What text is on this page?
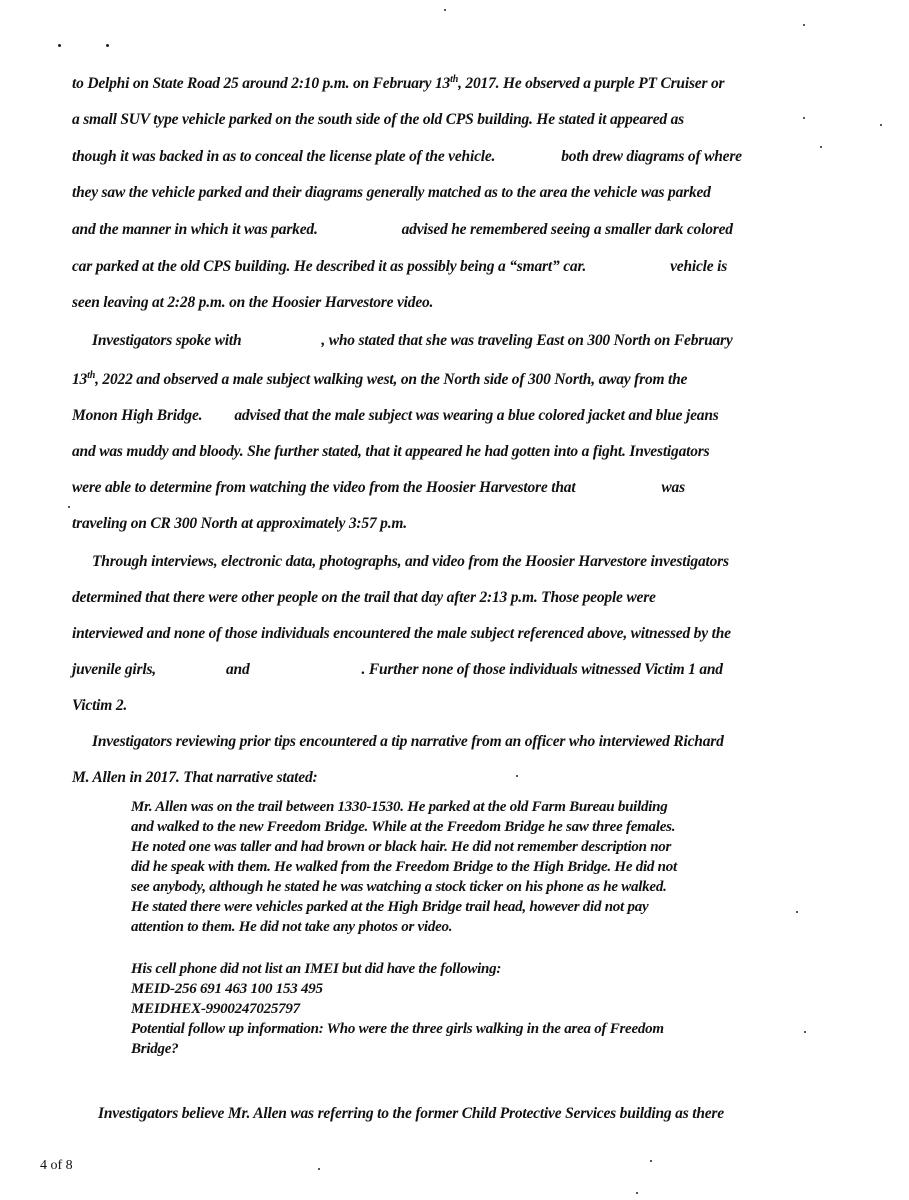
to Delphi on State Road 25 around 2:10 p.m. on February 13th, 2017. He observed a purple PT Cruiser or
a small SUV type vehicle parked on the south side of the old CPS building. He stated it appeared as
though it was backed in as to conceal the license plate of the vehicle.	both drew diagrams of where
they saw the vehicle parked and their diagrams generally matched as to the area the vehicle was parked
and the manner in which it was parked.	advised he remembered seeing a smaller dark colored
car parked at the old CPS building. He described it as possibly being a “smart” car.	vehicle is
seen leaving at 2:28 p.m. on the Hoosier Harvestore video.
Investigators spoke with	, who stated that she was traveling East on 300 North on February
13th, 2022 and observed a male subject walking west, on the North side of 300 North, away from the
Monon High Bridge. advised that the male subject was wearing a blue colored jacket and blue jeans
and was muddy and bloody. She further stated, that it appeared he had gotten into a fight. Investigators
were able to determine from watching the video from the Hoosier Harvestore that	was
traveling on CR 300 North at approximately 3:57 p.m.
Through interviews, electronic data, photographs, and video from the Hoosier Harvestore investigators
determined that there were other people on the trail that day after 2:13 p.m. Those people were
interviewed and none of those individuals encountered the male subject referenced above, witnessed by the
juvenile girls,	and	. Further none of those individuals witnessed Victim 1 and
Victim 2.
Investigators reviewing prior tips encountered a tip narrative from an officer who interviewed Richard
M. Allen in 2017. That narrative stated:
Mr. Allen was on the trail between 1330-1530. He parked at the old Farm Bureau building
and walked to the new Freedom Bridge. While at the Freedom Bridge he saw three females.
He noted one was taller and had brown or black hair. He did not remember description nor
did he speak with them. He walked from the Freedom Bridge to the High Bridge. He did not
see anybody, although he stated he was watching a stock ticker on his phone as he walked.
He stated there were vehicles parked at the High Bridge trail head, however did not pay
attention to them. He did not take any photos or video.
His cell phone did not list an IMEI but did have the following:
MEID-256 691 463 100 153 495
MEIDHEX-9900247025797
Potential follow up information: Who were the three girls walking in the area of Freedom
Bridge?
Investigators believe Mr. Allen was referring to the former Child Protective Services building as there
4 of 8
